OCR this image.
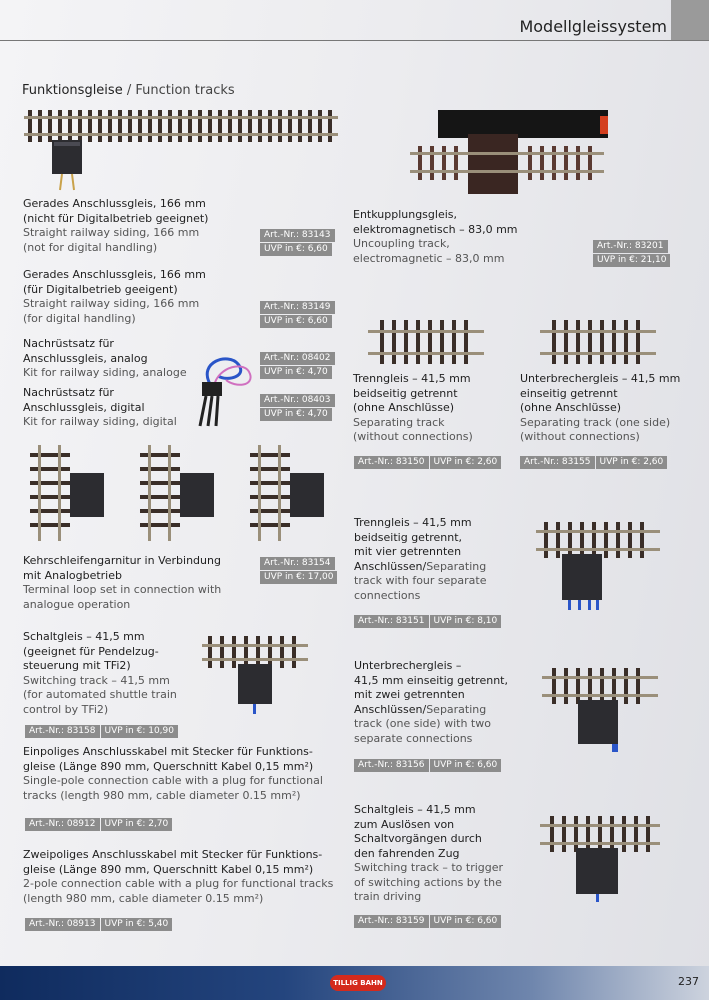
Modellgleissystem
Funktionsgleise / Function tracks
Gerades Anschlussgleis, 166 mm
(nicht für Digitalbetrieb geeignet)
Straight railway siding, 166 mm
(not for digital handling)
Art.-Nr.: 83143
UVP in €: 6,60
Gerades Anschlussgleis, 166 mm
(für Digitalbetrieb geeigent)
Straight railway siding, 166 mm
(for digital handling)
Art.-Nr.: 83149
UVP in €: 6,60
Nachrüstsatz für
Anschlussgleis, analog
Kit for railway siding, analoge
Art.-Nr.: 08402
UVP in €: 4,70
Nachrüstsatz für
Anschlussgleis, digital
Kit for railway siding, digital
Art.-Nr.: 08403
UVP in €: 4,70
Kehrschleifengarnitur in Verbindung
mit Analogbetrieb
Terminal loop set in connection with
analogue operation
Art.-Nr.: 83154
UVP in €: 17,00
Schaltgleis – 41,5 mm
(geeignet für Pendelzug-
steuerung mit TFi2)
Switching track – 41,5 mm
(for automated shuttle train
control by TFi2)
Art.-Nr.: 83158	UVP in €: 10,90
Einpoliges Anschlusskabel mit Stecker für Funktions-
gleise (Länge 890 mm, Querschnitt Kabel 0,15 mm²)
Single-pole connection cable with a plug for functional
tracks (length 980 mm, cable diameter 0.15 mm²)
Art.-Nr.: 08912	UVP in €: 2,70
Zweipoliges Anschlusskabel mit Stecker für Funktions-
gleise (Länge 890 mm, Querschnitt Kabel 0,15 mm²)
2-pole connection cable with a plug for functional tracks
(length 980 mm, cable diameter 0.15 mm²)
Art.-Nr.: 08913	UVP in €: 5,40
Entkupplungsgleis,
elektromagnetisch – 83,0 mm
Uncoupling track,
electromagnetic – 83,0 mm
Art.-Nr.: 83201
UVP in €: 21,10
Trenngleis – 41,5 mm
beidseitig getrennt
(ohne Anschlüsse)
Separating track
(without connections)
Art.-Nr.: 83150	UVP in €: 2,60
Unterbrechergleis – 41,5 mm
einseitig getrennt
(ohne Anschlüsse)
Separating track (one side)
(without connections)
Art.-Nr.: 83155	UVP in €: 2,60
Trenngleis – 41,5 mm
beidseitig getrennt,
mit vier getrennten
Anschlüssen/Separating
track with four separate
connections
Art.-Nr.: 83151	UVP in €: 8,10
Unterbrechergleis –
41,5 mm einseitig getrennt,
mit zwei getrennten
Anschlüssen/Separating
track (one side) with two
separate connections
Art.-Nr.: 83156	UVP in €: 6,60
Schaltgleis – 41,5 mm
zum Auslösen von
Schaltvorgängen durch
den fahrenden Zug
Switching track – to trigger
of switching actions by the
train driving
Art.-Nr.: 83159	UVP in €: 6,60
TILLIG BAHN	237
